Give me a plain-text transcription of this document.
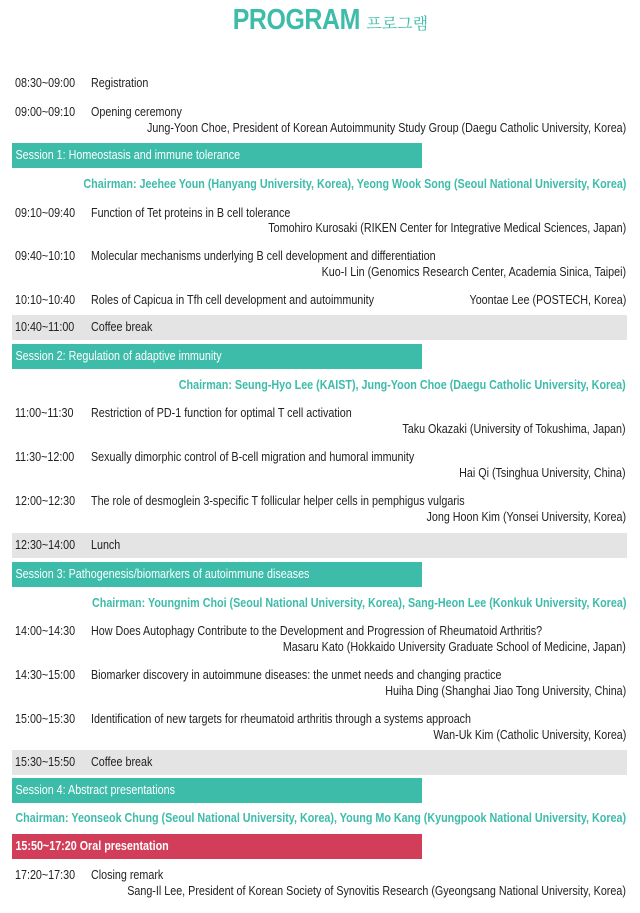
PROGRAM 프로그램
08:30~09:00	Registration
09:00~09:10	Opening ceremony
Jung-Yoon Choe, President of Korean Autoimmunity Study Group (Daegu Catholic University, Korea)
Session 1: Homeostasis and immune tolerance
Chairman: Jeehee Youn (Hanyang University, Korea), Yeong Wook Song (Seoul National University, Korea)
09:10~09:40	Function of Tet proteins in B cell tolerance
Tomohiro Kurosaki (RIKEN Center for Integrative Medical Sciences, Japan)
09:40~10:10	Molecular mechanisms underlying B cell development and differentiation
Kuo-I Lin (Genomics Research Center, Academia Sinica, Taipei)
10:10~10:40	Roles of Capicua in Tfh cell development and autoimmunity	Yoontae Lee (POSTECH, Korea)
10:40~11:00	Coffee break
Session 2: Regulation of adaptive immunity
Chairman: Seung-Hyo Lee (KAIST), Jung-Yoon Choe (Daegu Catholic University, Korea)
11:00~11:30	Restriction of PD-1 function for optimal T cell activation
Taku Okazaki (University of Tokushima, Japan)
11:30~12:00	Sexually dimorphic control of B-cell migration and humoral immunity
Hai Qi (Tsinghua University, China)
12:00~12:30	The role of desmoglein 3-specific T follicular helper cells in pemphigus vulgaris
Jong Hoon Kim (Yonsei University, Korea)
12:30~14:00	Lunch
Session 3: Pathogenesis/biomarkers of autoimmune diseases
Chairman: Youngnim Choi (Seoul National University, Korea), Sang-Heon Lee (Konkuk University, Korea)
14:00~14:30	How Does Autophagy Contribute to the Development and Progression of Rheumatoid Arthritis?
Masaru Kato (Hokkaido University Graduate School of Medicine, Japan)
14:30~15:00	Biomarker discovery in autoimmune diseases: the unmet needs and changing practice
Huiha Ding (Shanghai Jiao Tong University, China)
15:00~15:30	Identification of new targets for rheumatoid arthritis through a systems approach
Wan-Uk Kim (Catholic University, Korea)
15:30~15:50	Coffee break
Session 4: Abstract presentations
Chairman: Yeonseok Chung (Seoul National University, Korea), Young Mo Kang (Kyungpook National University, Korea)
15:50~17:20 Oral presentation
17:20~17:30	Closing remark
Sang-Il Lee, President of Korean Society of Synovitis Research (Gyeongsang National University, Korea)
